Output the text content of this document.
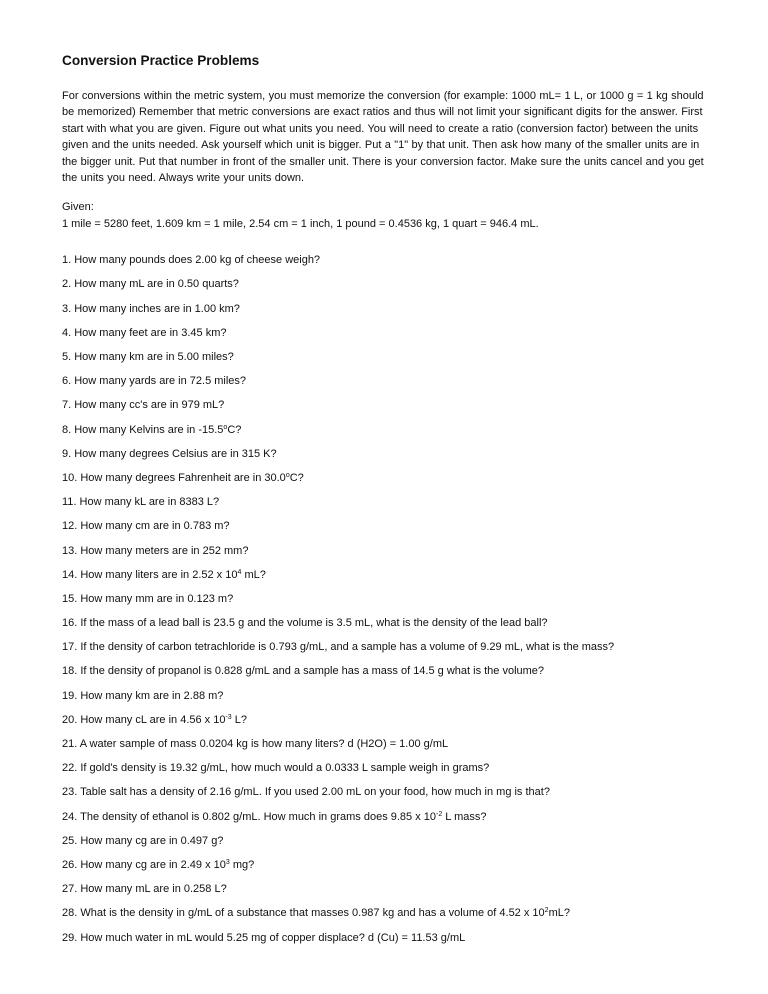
Conversion Practice Problems
For conversions within the metric system, you must memorize the conversion (for example: 1000 mL= 1 L, or 1000 g = 1 kg should be memorized) Remember that metric conversions are exact ratios and thus will not limit your significant digits for the answer. First start with what you are given. Figure out what units you need. You will need to create a ratio (conversion factor) between the units given and the units needed. Ask yourself which unit is bigger. Put a "1" by that unit. Then ask how many of the smaller units are in the bigger unit. Put that number in front of the smaller unit. There is your conversion factor. Make sure the units cancel and you get the units you need. Always write your units down.
Given:
1 mile = 5280 feet, 1.609 km = 1 mile, 2.54 cm = 1 inch, 1 pound = 0.4536 kg, 1 quart = 946.4 mL.
1. How many pounds does 2.00 kg of cheese weigh?
2. How many mL are in 0.50 quarts?
3. How many inches are in 1.00 km?
4. How many feet are in 3.45 km?
5. How many km are in 5.00 miles?
6. How many yards are in 72.5 miles?
7. How many cc's are in 979 mL?
8. How many Kelvins are in -15.5$^o$C?
9. How many degrees Celsius are in 315 K?
10. How many degrees Fahrenheit are in 30.0$^o$C?
11. How many kL are in 8383 L?
12. How many cm are in 0.783 m?
13. How many meters are in 252 mm?
14. How many liters are in 2.52 x $10^4$ mL?
15. How many mm are in 0.123 m?
16. If the mass of a lead ball is 23.5 g and the volume is 3.5 mL, what is the density of the lead ball?
17. If the density of carbon tetrachloride is 0.793 g/mL, and a sample has a volume of 9.29 mL, what is the mass?
18. If the density of propanol is 0.828 g/mL and a sample has a mass of 14.5 g what is the volume?
19. How many km are in 2.88 m?
20. How many cL are in 4.56 x $10^{-3}$ L?
21. A water sample of mass 0.0204 kg is how many liters? d (H2O) = 1.00 g/mL
22. If gold's density is 19.32 g/mL, how much would a 0.0333 L sample weigh in grams?
23. Table salt has a density of 2.16 g/mL. If you used 2.00 mL on your food, how much in mg is that?
24. The density of ethanol is 0.802 g/mL. How much in grams does 9.85 x $10^{-2}$ L mass?
25. How many cg are in 0.497 g?
26. How many cg are in 2.49 x $10^3$ mg?
27. How many mL are in 0.258 L?
28. What is the density in g/mL of a substance that masses 0.987 kg and has a volume of 4.52 x $10^2mL$?
29. How much water in mL would 5.25 mg of copper displace? d (Cu) = 11.53 g/mL
